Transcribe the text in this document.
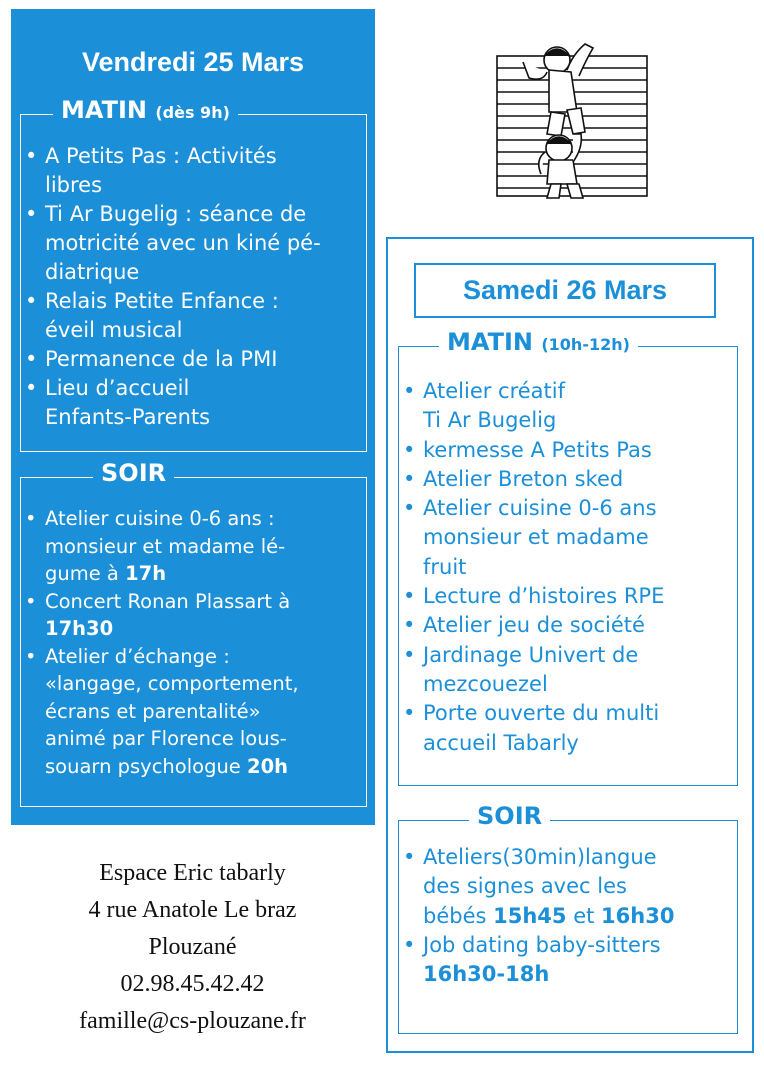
Vendredi 25 Mars
MATIN (dès 9h)
• A Petits Pas : Activités
libres
• Ti Ar Bugelig : séance de
motricité avec un kiné pé-
diatrique
• Relais Petite Enfance :
éveil musical
• Permanence de la PMI
• Lieu d’accueil
Enfants-Parents
SOIR
• Atelier cuisine 0-6 ans :
monsieur et madame lé-
gume à 17h
• Concert Ronan Plassart à
17h30
• Atelier d’échange :
«langage, comportement,
écrans et parentalité»
animé par Florence lous-
souarn psychologue 20h
Samedi 26 Mars
MATIN (10h-12h)
• Atelier créatif
Ti Ar Bugelig
• kermesse A Petits Pas
• Atelier Breton sked
• Atelier cuisine 0-6 ans
monsieur et madame
fruit
• Lecture d’histoires RPE
• Atelier jeu de société
• Jardinage Univert de
mezcouezel
• Porte ouverte du multi
accueil Tabarly
SOIR
• Ateliers(30min)langue
des signes avec les
bébés 15h45 et 16h30
• Job dating baby-sitters
16h30-18h
Espace Eric tabarly
4 rue Anatole Le braz
Plouzané
02.98.45.42.42
famille@cs-plouzane.fr
